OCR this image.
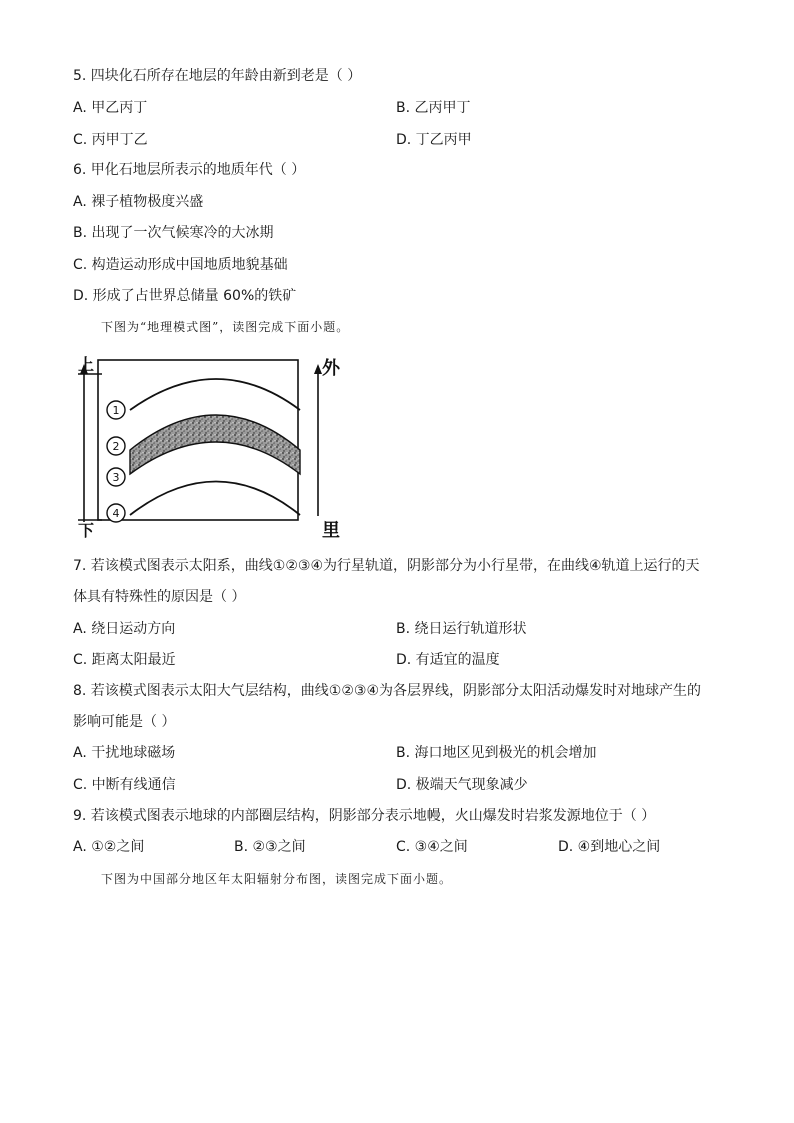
5. 四块化石所存在地层的年龄由新到老是（ ）
A. 甲乙丙丁	B. 乙丙甲丁
C. 丙甲丁乙	D. 丁乙丙甲
6. 甲化石地层所表示的地质年代（ ）
A. 裸子植物极度兴盛
B. 出现了一次气候寒冷的大冰期
C. 构造运动形成中国地质地貌基础
D. 形成了占世界总储量 60%的铁矿
下图为“地理模式图”，读图完成下面小题。
1
2
3
4
上
下
外
里
7. 若该模式图表示太阳系，曲线①②③④为行星轨道，阴影部分为小行星带，在曲线④轨道上运行的天
体具有特殊性的原因是（ ）
A. 绕日运动方向	B. 绕日运行轨道形状
C. 距离太阳最近	D. 有适宜的温度
8. 若该模式图表示太阳大气层结构，曲线①②③④为各层界线，阴影部分太阳活动爆发时对地球产生的
影响可能是（ ）
A. 干扰地球磁场	B. 海口地区见到极光的机会增加
C. 中断有线通信	D. 极端天气现象减少
9. 若该模式图表示地球的内部圈层结构，阴影部分表示地幔，火山爆发时岩浆发源地位于（ ）
A. ①②之间	B. ②③之间	C. ③④之间	D. ④到地心之间
下图为中国部分地区年太阳辐射分布图，读图完成下面小题。
